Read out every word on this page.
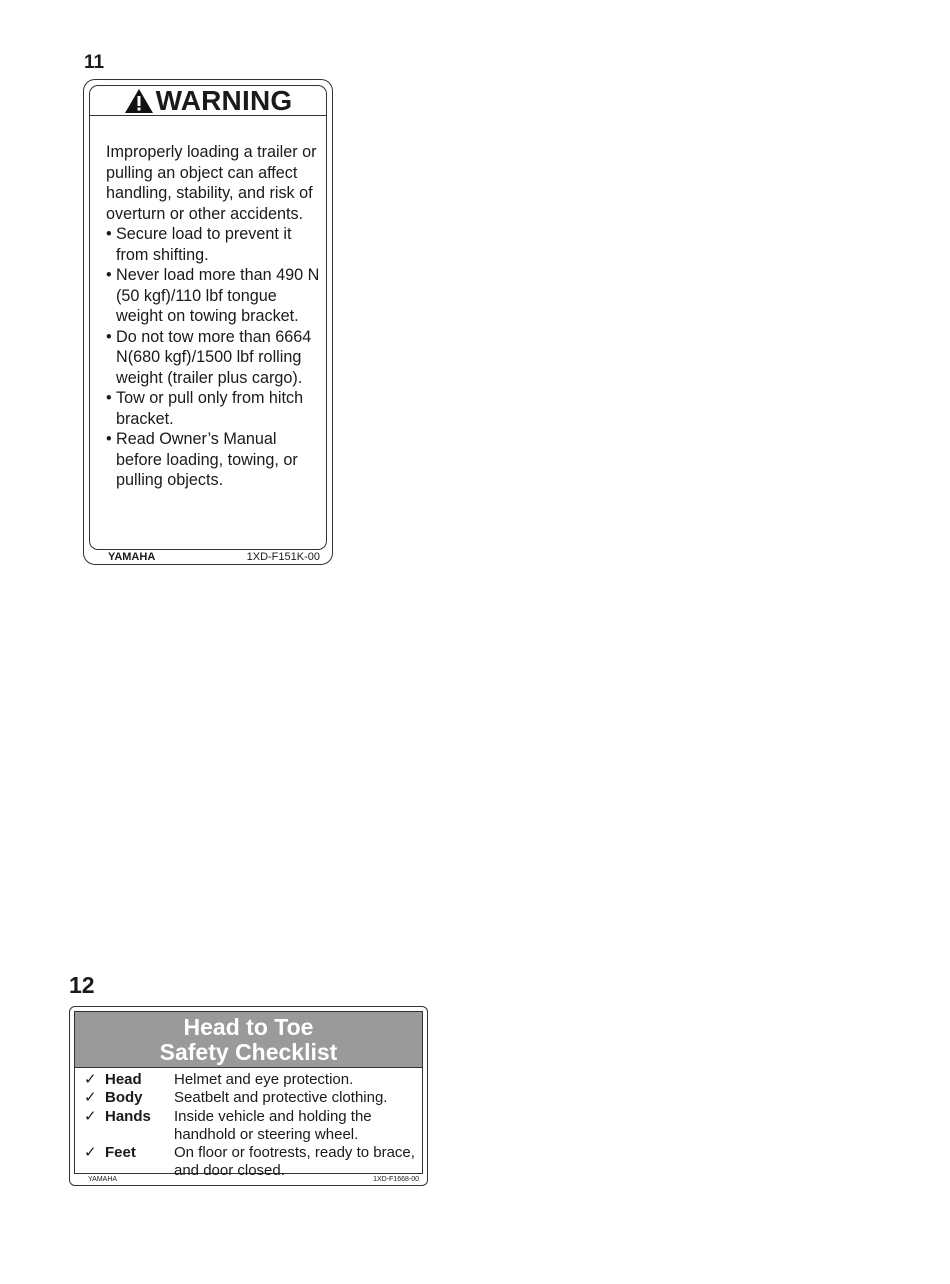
11
WARNING

Improperly loading a trailer or pulling an object can affect handling, stability, and risk of overturn or other accidents.

• Secure load to prevent it from shifting.
• Never load more than 490 N (50 kgf)/110 lbf tongue weight on towing bracket.
• Do not tow more than 6664 N(680 kgf)/1500 lbf rolling weight (trailer plus cargo).
• Tow or pull only from hitch bracket.
• Read Owner’s Manual before loading, towing, or pulling objects.
YAMAHA	1XD-F151K-00
12
Head to Toe
Safety Checklist
✓ Head	Helmet and eye protection.
✓ Body	Seatbelt and protective clothing.
✓ Hands	Inside vehicle and holding the handhold or steering wheel.
✓ Feet	On floor or footrests, ready to brace, and door closed.
YAMAHA	1XD-F1668-00
